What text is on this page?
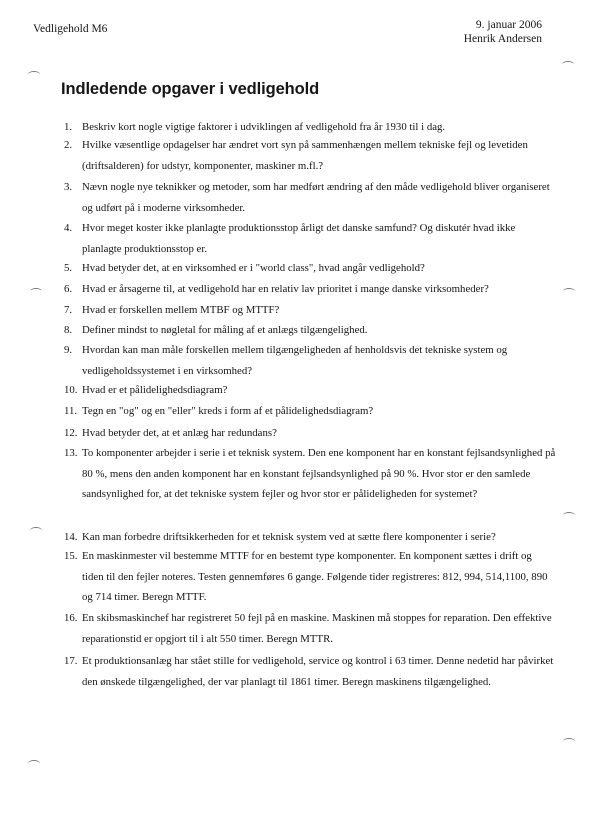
Vedligehold M6	9. januar 2006
Henrik Andersen
Indledende opgaver i vedligehold
1. Beskriv kort nogle vigtige faktorer i udviklingen af vedligehold fra år 1930 til i dag.
2. Hvilke væsentlige opdagelser har ændret vort syn på sammenhængen mellem tekniske fejl og levetiden (driftsalderen) for udstyr, komponenter, maskiner m.fl.?
3. Nævn nogle nye teknikker og metoder, som har medført ændring af den måde vedligehold bliver organiseret og udført på i moderne virksomheder.
4. Hvor meget koster ikke planlagte produktionsstop årligt det danske samfund? Og diskutér hvad ikke planlagte produktionsstop er.
5. Hvad betyder det, at en virksomhed er i "world class", hvad angår vedligehold?
6. Hvad er årsagerne til, at vedligehold har en relativ lav prioritet i mange danske virksomheder?
7. Hvad er forskellen mellem MTBF og MTTF?
8. Definer mindst to nøgletal for måling af et anlægs tilgængelighed.
9. Hvordan kan man måle forskellen mellem tilgængeligheden af henholdsvis det tekniske system og vedligeholdssystemet i en virksomhed?
10. Hvad er et pålidelighedsdiagram?
11. Tegn en "og" og en "eller" kreds i form af et pålidelighedsdiagram?
12. Hvad betyder det, at et anlæg har redundans?
13. To komponenter arbejder i serie i et teknisk system. Den ene komponent har en konstant fejlsandsynlighed på 80 %, mens den anden komponent har en konstant fejlsandsynlighed på 90 %. Hvor stor er den samlede sandsynlighed for, at det tekniske system fejler og hvor stor er pålideligheden for systemet?
14. Kan man forbedre driftsikkerheden for et teknisk system ved at sætte flere komponenter i serie?
15. En maskinmester vil bestemme MTTF for en bestemt type komponenter. En komponent sættes i drift og tiden til den fejler noteres. Testen gennemføres 6 gange. Følgende tider registreres: 812, 994, 514,1100, 890 og 714 timer. Beregn MTTF.
16. En skibsmaskinchef har registreret 50 fejl på en maskine. Maskinen må stoppes for reparation. Den effektive reparationstid er opgjort til i alt 550 timer. Beregn MTTR.
17. Et produktionsanlæg har stået stille for vedligehold, service og kontrol i 63 timer. Denne nedetid har påvirket den ønskede tilgængelighed, der var planlagt til 1861 timer. Beregn maskinens tilgængelighed.
